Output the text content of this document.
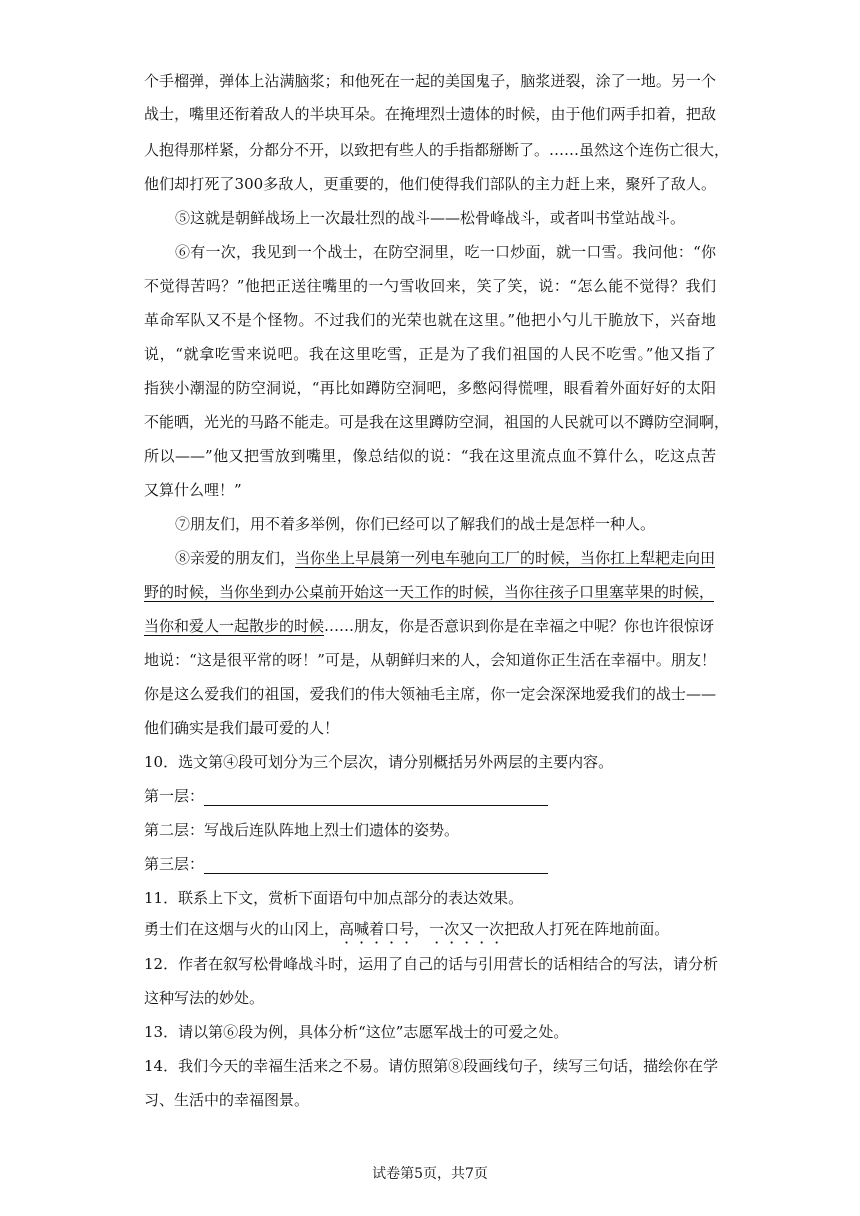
个手榴弹，弹体上沾满脑浆；和他死在一起的美国鬼子，脑浆迸裂，涂了一地。另一个
战士，嘴里还衔着敌人的半块耳朵。在掩埋烈士遗体的时候，由于他们两手扣着，把敌
人抱得那样紧，分都分不开，以致把有些人的手指都掰断了。……虽然这个连伤亡很大，
他们却打死了300多敌人，更重要的，他们使得我们部队的主力赶上来，聚歼了敌人。
⑤这就是朝鲜战场上一次最壮烈的战斗——松骨峰战斗，或者叫书堂站战斗。
⑥有一次，我见到一个战士，在防空洞里，吃一口炒面，就一口雪。我问他：“你
不觉得苦吗？”他把正送往嘴里的一勺雪收回来，笑了笑，说：“怎么能不觉得？我们
革命军队又不是个怪物。不过我们的光荣也就在这里。”他把小勺儿干脆放下，兴奋地
说，“就拿吃雪来说吧。我在这里吃雪，正是为了我们祖国的人民不吃雪。”他又指了
指狭小潮湿的防空洞说，“再比如蹲防空洞吧，多憋闷得慌哩，眼看着外面好好的太阳
不能晒，光光的马路不能走。可是我在这里蹲防空洞，祖国的人民就可以不蹲防空洞啊，
所以——”他又把雪放到嘴里，像总结似的说：“我在这里流点血不算什么，吃这点苦
又算什么哩！”
⑦朋友们，用不着多举例，你们已经可以了解我们的战士是怎样一种人。
⑧亲爱的朋友们，当你坐上早晨第一列电车驰向工厂的时候，当你扛上犁耙走向田
野的时候，当你坐到办公桌前开始这一天工作的时候，当你往孩子口里塞苹果的时候，
当你和爱人一起散步的时候……朋友，你是否意识到你是在幸福之中呢？你也许很惊讶
地说：“这是很平常的呀！”可是，从朝鲜归来的人，会知道你正生活在幸福中。朋友！
你是这么爱我们的祖国，爱我们的伟大领袖毛主席，你一定会深深地爱我们的战士——
他们确实是我们最可爱的人！
10．选文第④段可划分为三个层次，请分别概括另外两层的主要内容。
第一层：
第二层：写战后连队阵地上烈士们遗体的姿势。
第三层：
11．联系上下文，赏析下面语句中加点部分的表达效果。
勇士们在这烟与火的山冈上，高喊着口号，一次又一次把敌人打死在阵地前面。
12．作者在叙写松骨峰战斗时，运用了自己的话与引用营长的话相结合的写法，请分析
这种写法的妙处。
13．请以第⑥段为例，具体分析“这位”志愿军战士的可爱之处。
14．我们今天的幸福生活来之不易。请仿照第⑧段画线句子，续写三句话，描绘你在学
习、生活中的幸福图景。
试卷第5页，共7页
